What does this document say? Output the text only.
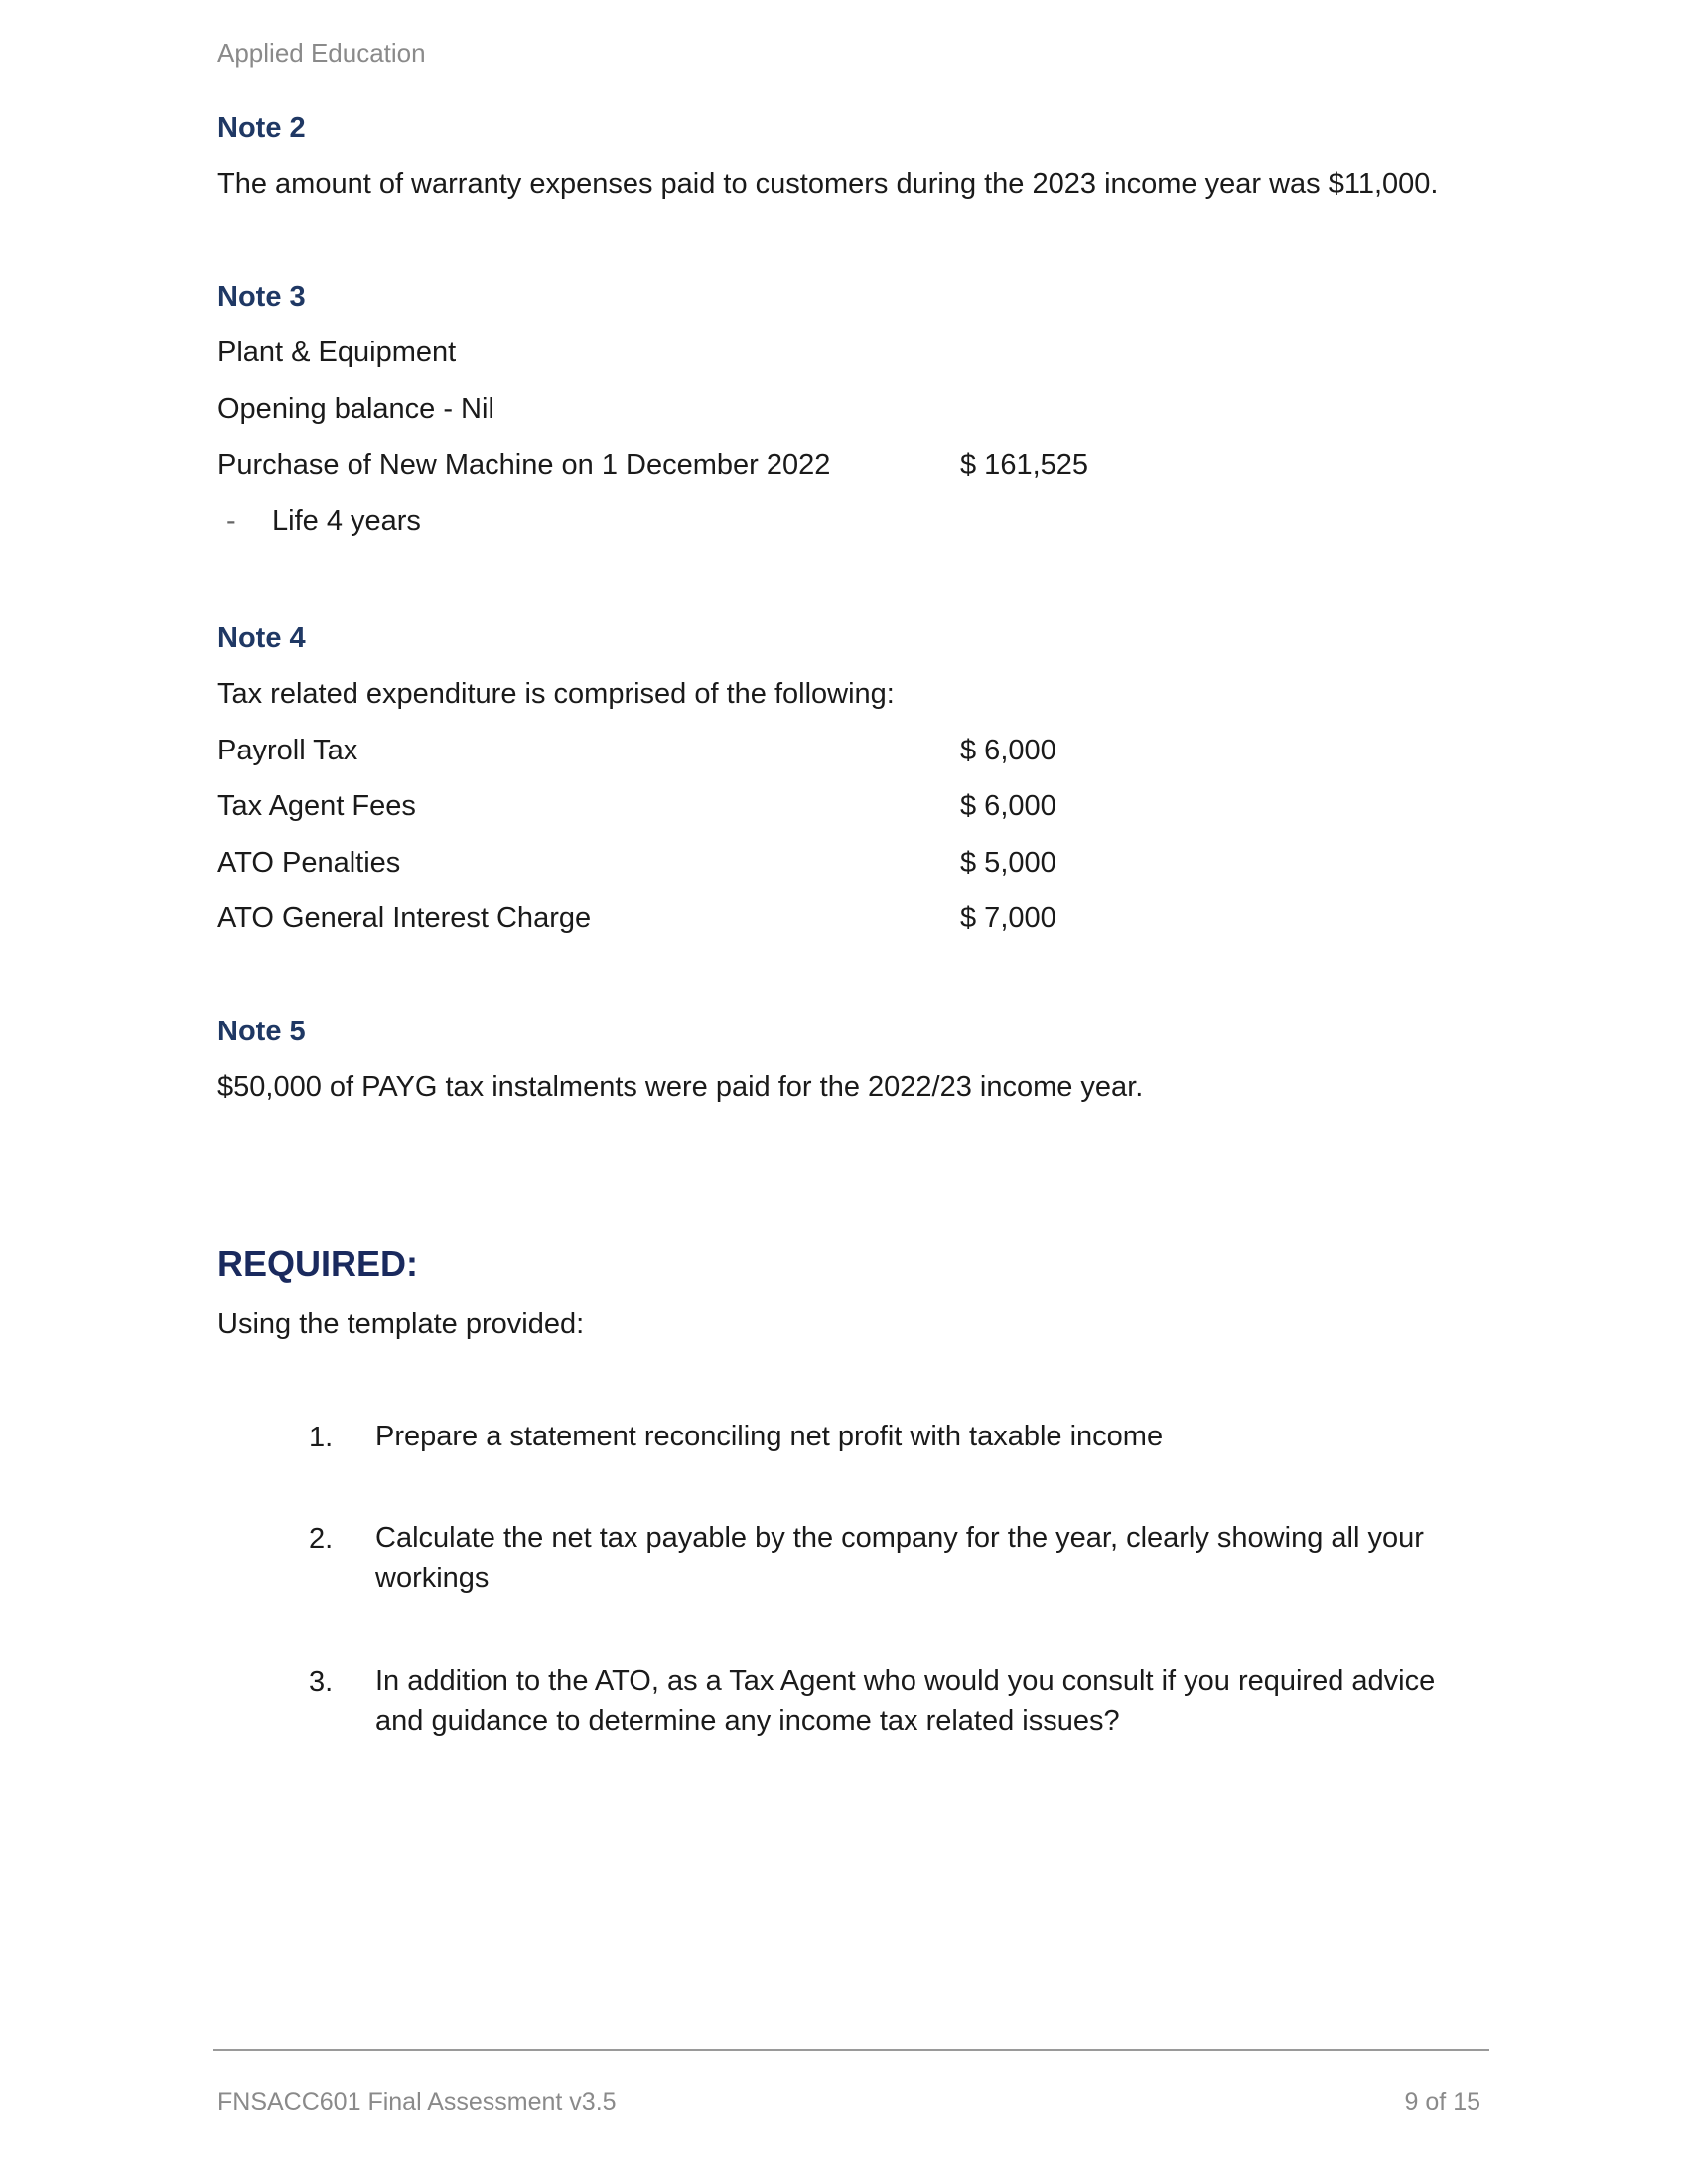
Applied Education
Note 2
The amount of warranty expenses paid to customers during the 2023 income year was $11,000.
Note 3
Plant & Equipment
Opening balance - Nil
Purchase of New Machine on 1 December 2022	$ 161,525
- Life 4 years
Note 4
Tax related expenditure is comprised of the following:
Payroll Tax	$ 6,000
Tax Agent Fees	$ 6,000
ATO Penalties	$ 5,000
ATO General Interest Charge	$ 7,000
Note 5
$50,000 of PAYG tax instalments were paid for the 2022/23 income year.
REQUIRED:
Using the template provided:
1. Prepare a statement reconciling net profit with taxable income
2. Calculate the net tax payable by the company for the year, clearly showing all your workings
3. In addition to the ATO, as a Tax Agent who would you consult if you required advice and guidance to determine any income tax related issues?
FNSACC601 Final Assessment v3.5	9 of 15
